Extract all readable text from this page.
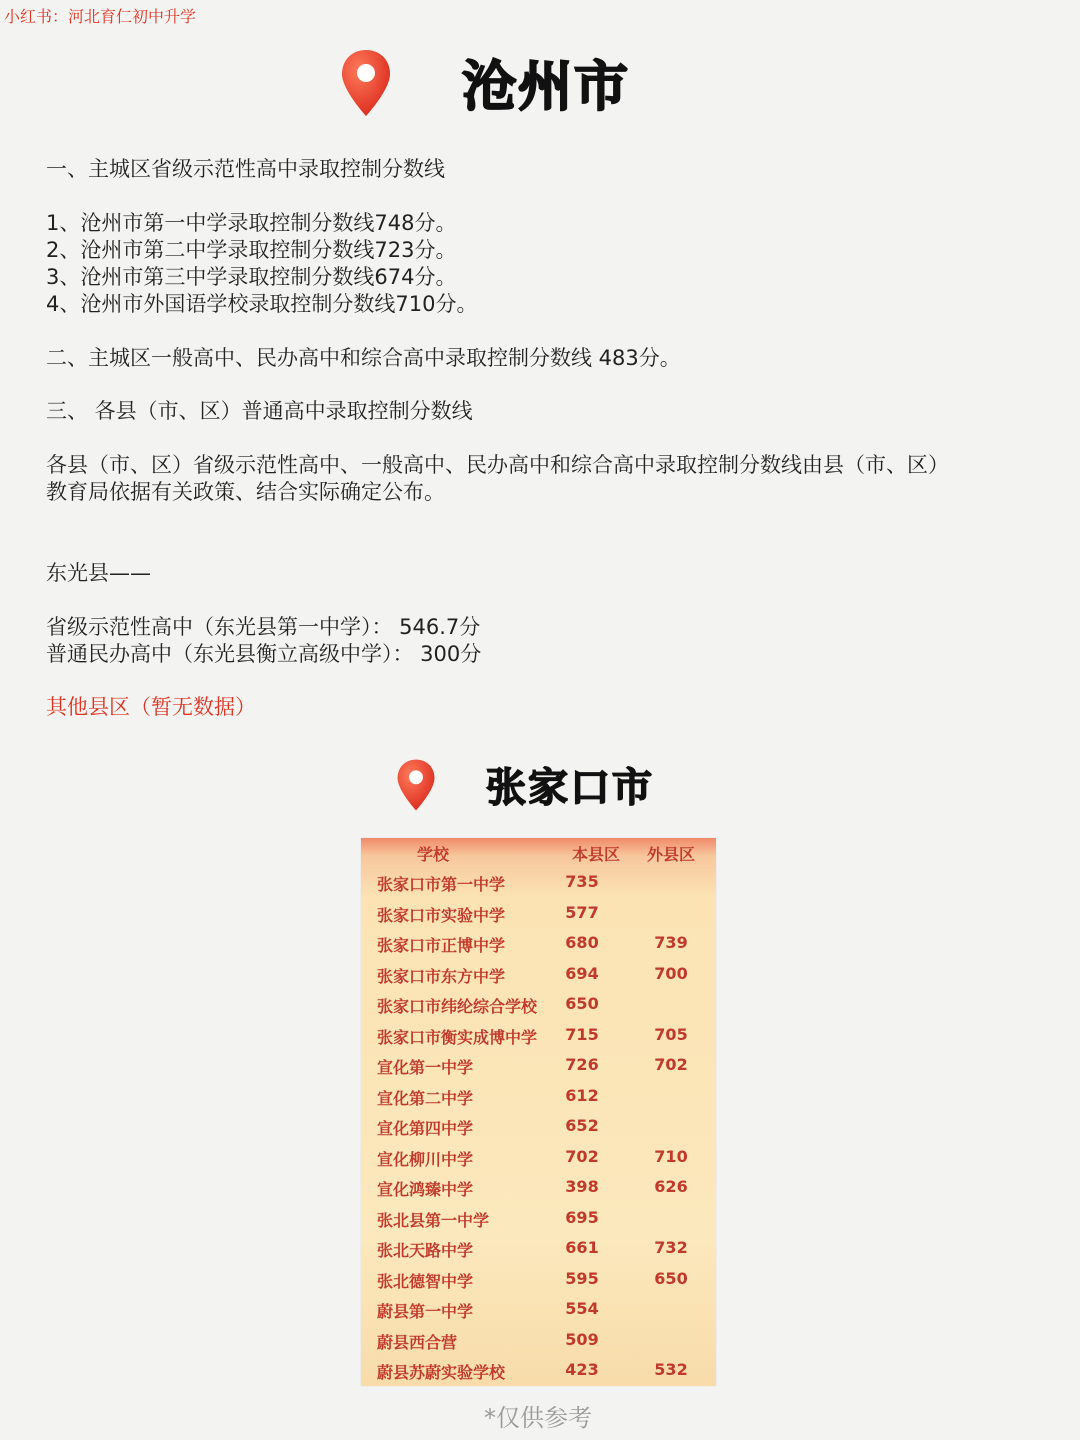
小红书：河北育仁初中升学
沧州市
一、主城区省级示范性高中录取控制分数线
1、沧州市第一中学录取控制分数线748分。
2、沧州市第二中学录取控制分数线723分。
3、沧州市第三中学录取控制分数线674分。
4、沧州市外国语学校录取控制分数线710分。
二、主城区一般高中、民办高中和综合高中录取控制分数线 483分。
三、 各县（市、区）普通高中录取控制分数线
各县（市、区）省级示范性高中、一般高中、民办高中和综合高中录取控制分数线由县（市、区）
教育局依据有关政策、结合实际确定公布。
东光县——
省级示范性高中（东光县第一中学）： 546.7分
普通民办高中（东光县衡立高级中学）： 300分
其他县区（暂无数据）
张家口市
学校	本县区	外县区
张家口市第一中学	735
张家口市实验中学	577
张家口市正博中学	680	739
张家口市东方中学	694	700
张家口市纬纶综合学校	650
张家口市衡实成博中学	715	705
宣化第一中学	726	702
宣化第二中学	612
宣化第四中学	652
宣化柳川中学	702	710
宣化鸿臻中学	398	626
张北县第一中学	695
张北天路中学	661	732
张北德智中学	595	650
蔚县第一中学	554
蔚县西合营	509
蔚县苏蔚实验学校	423	532
*仅供参考
